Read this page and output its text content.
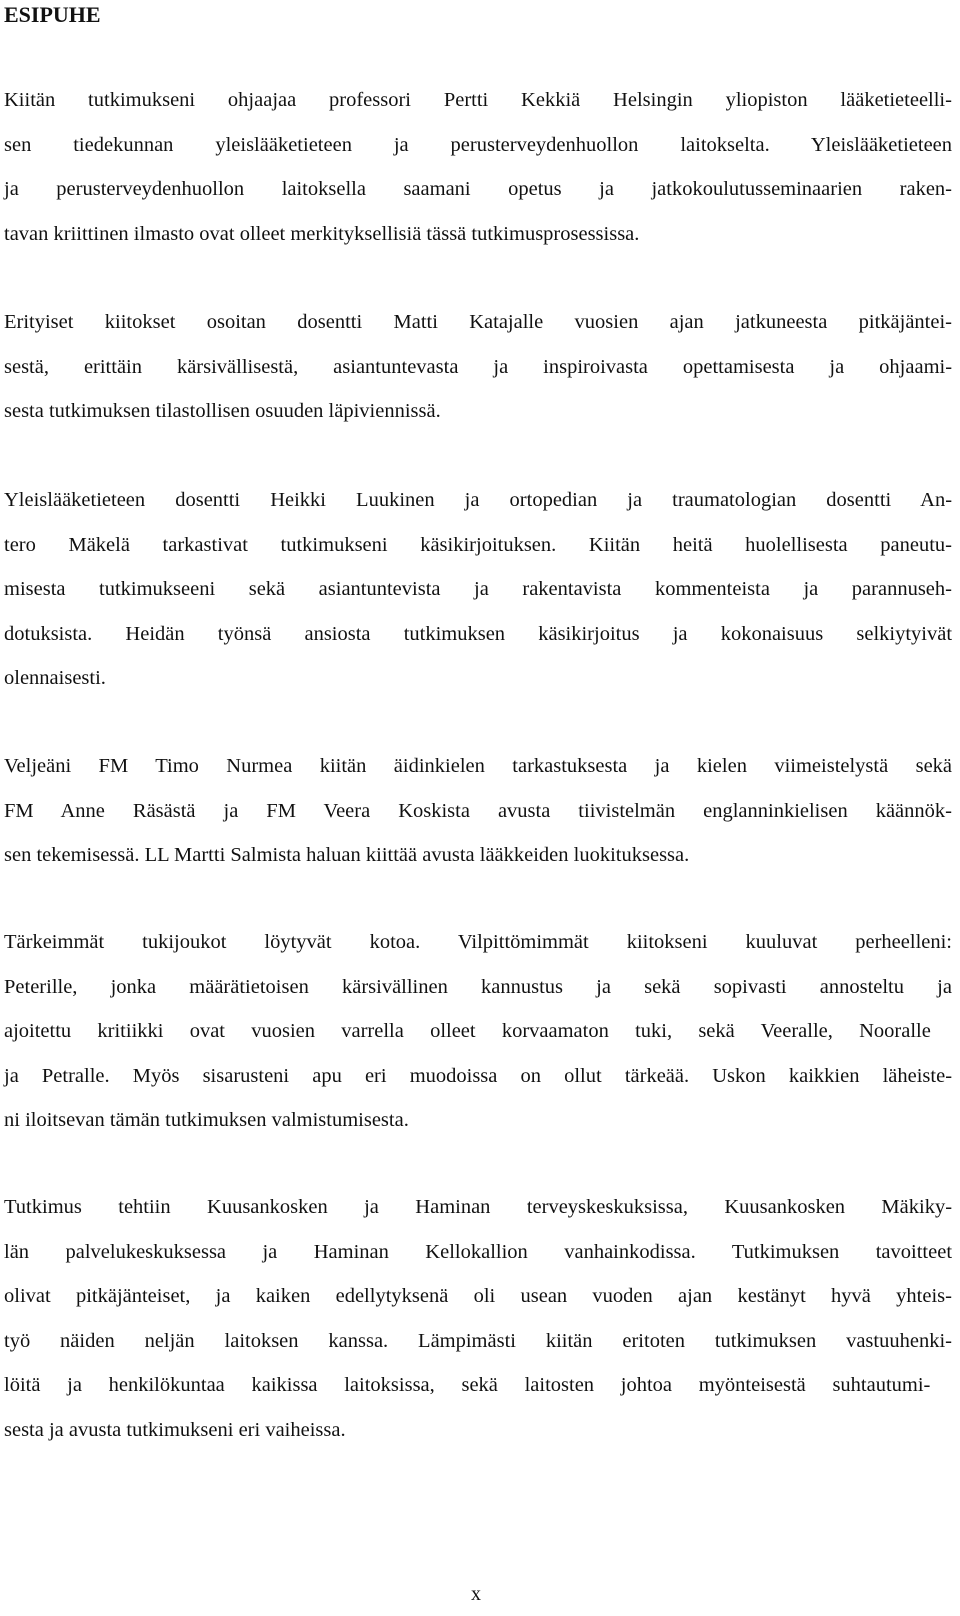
ESIPUHE
Kiitän tutkimukseni ohjaajaa professori Pertti Kekkiä Helsingin yliopiston lääketieteelli-
sen tiedekunnan yleislääketieteen ja perusterveydenhuollon laitokselta. Yleislääketieteen
ja perusterveydenhuollon laitoksella saamani opetus ja jatkokoulutusseminaarien raken-
tavan kriittinen ilmasto ovat olleet merkityksellisiä tässä tutkimusprosessissa.
Erityiset kiitokset osoitan dosentti Matti Katajalle vuosien ajan jatkuneesta pitkäjäntei-
sestä, erittäin kärsivällisestä, asiantuntevasta ja inspiroivasta opettamisesta ja ohjaami-
sesta tutkimuksen tilastollisen osuuden läpiviennissä.
Yleislääketieteen dosentti Heikki Luukinen ja ortopedian ja traumatologian dosentti An-
tero Mäkelä tarkastivat tutkimukseni käsikirjoituksen. Kiitän heitä huolellisesta paneutu-
misesta tutkimukseeni sekä asiantuntevista ja rakentavista kommenteista ja parannuseh-
dotuksista. Heidän työnsä ansiosta tutkimuksen käsikirjoitus ja kokonaisuus selkiytyivät
olennaisesti.
Veljeäni FM Timo Nurmea kiitän äidinkielen tarkastuksesta ja kielen viimeistelystä sekä
FM Anne Räsästä ja FM Veera Koskista avusta tiivistelmän englanninkielisen käännök-
sen tekemisessä. LL Martti Salmista haluan kiittää avusta lääkkeiden luokituksessa.
Tärkeimmät tukijoukot löytyvät kotoa. Vilpittömimmät kiitokseni kuuluvat perheelleni:
Peterille, jonka määrätietoisen kärsivällinen kannustus ja sekä sopivasti annosteltu ja
ajoitettu kritiikki ovat vuosien varrella olleet korvaamaton tuki, sekä Veeralle, Nooralle
ja Petralle. Myös sisarusteni apu eri muodoissa on ollut tärkeää. Uskon kaikkien läheiste-
ni iloitsevan tämän tutkimuksen valmistumisesta.
Tutkimus tehtiin Kuusankosken ja Haminan terveyskeskuksissa, Kuusankosken Mäkiky-
län palvelukeskuksessa ja Haminan Kellokallion vanhainkodissa. Tutkimuksen tavoitteet
olivat pitkäjänteiset, ja kaiken edellytyksenä oli usean vuoden ajan kestänyt hyvä yhteis-
työ näiden neljän laitoksen kanssa. Lämpimästi kiitän eritoten tutkimuksen vastuuhenki-
löitä ja henkilökuntaa kaikissa laitoksissa, sekä laitosten johtoa myönteisestä suhtautumi-
sesta ja avusta tutkimukseni eri vaiheissa.
x
